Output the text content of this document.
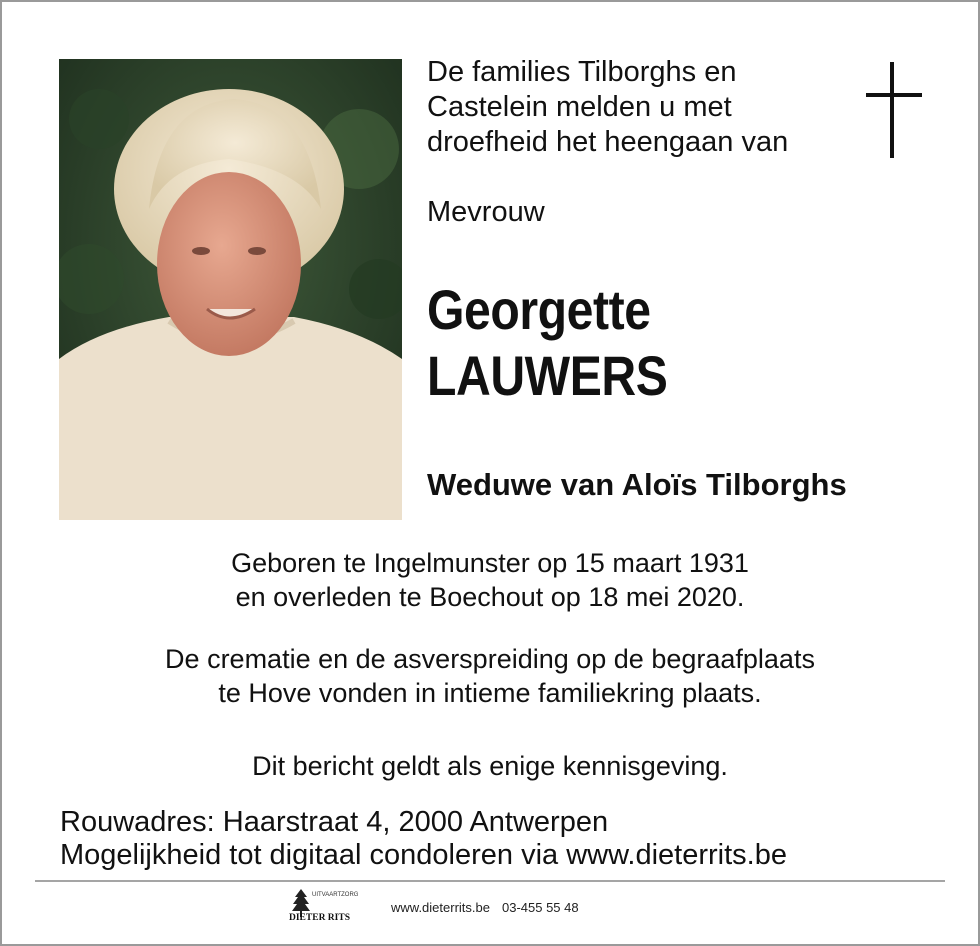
De families Tilborghs en
Castelein melden u met
droefheid het heengaan van
Mevrouw
Georgette
LAUWERS
Weduwe van Aloïs Tilborghs
Geboren te Ingelmunster op 15 maart 1931
en overleden te Boechout op 18 mei 2020.
De crematie en de asverspreiding op de begraafplaats
te Hove vonden in intieme familiekring plaats.
Dit bericht geldt als enige kennisgeving.
Rouwadres: Haarstraat 4, 2000 Antwerpen
Mogelijkheid tot digitaal condoleren via www.dieterrits.be
UITVAARTZORG
DIETER RITS
www.dieterrits.be 03-455 55 48
